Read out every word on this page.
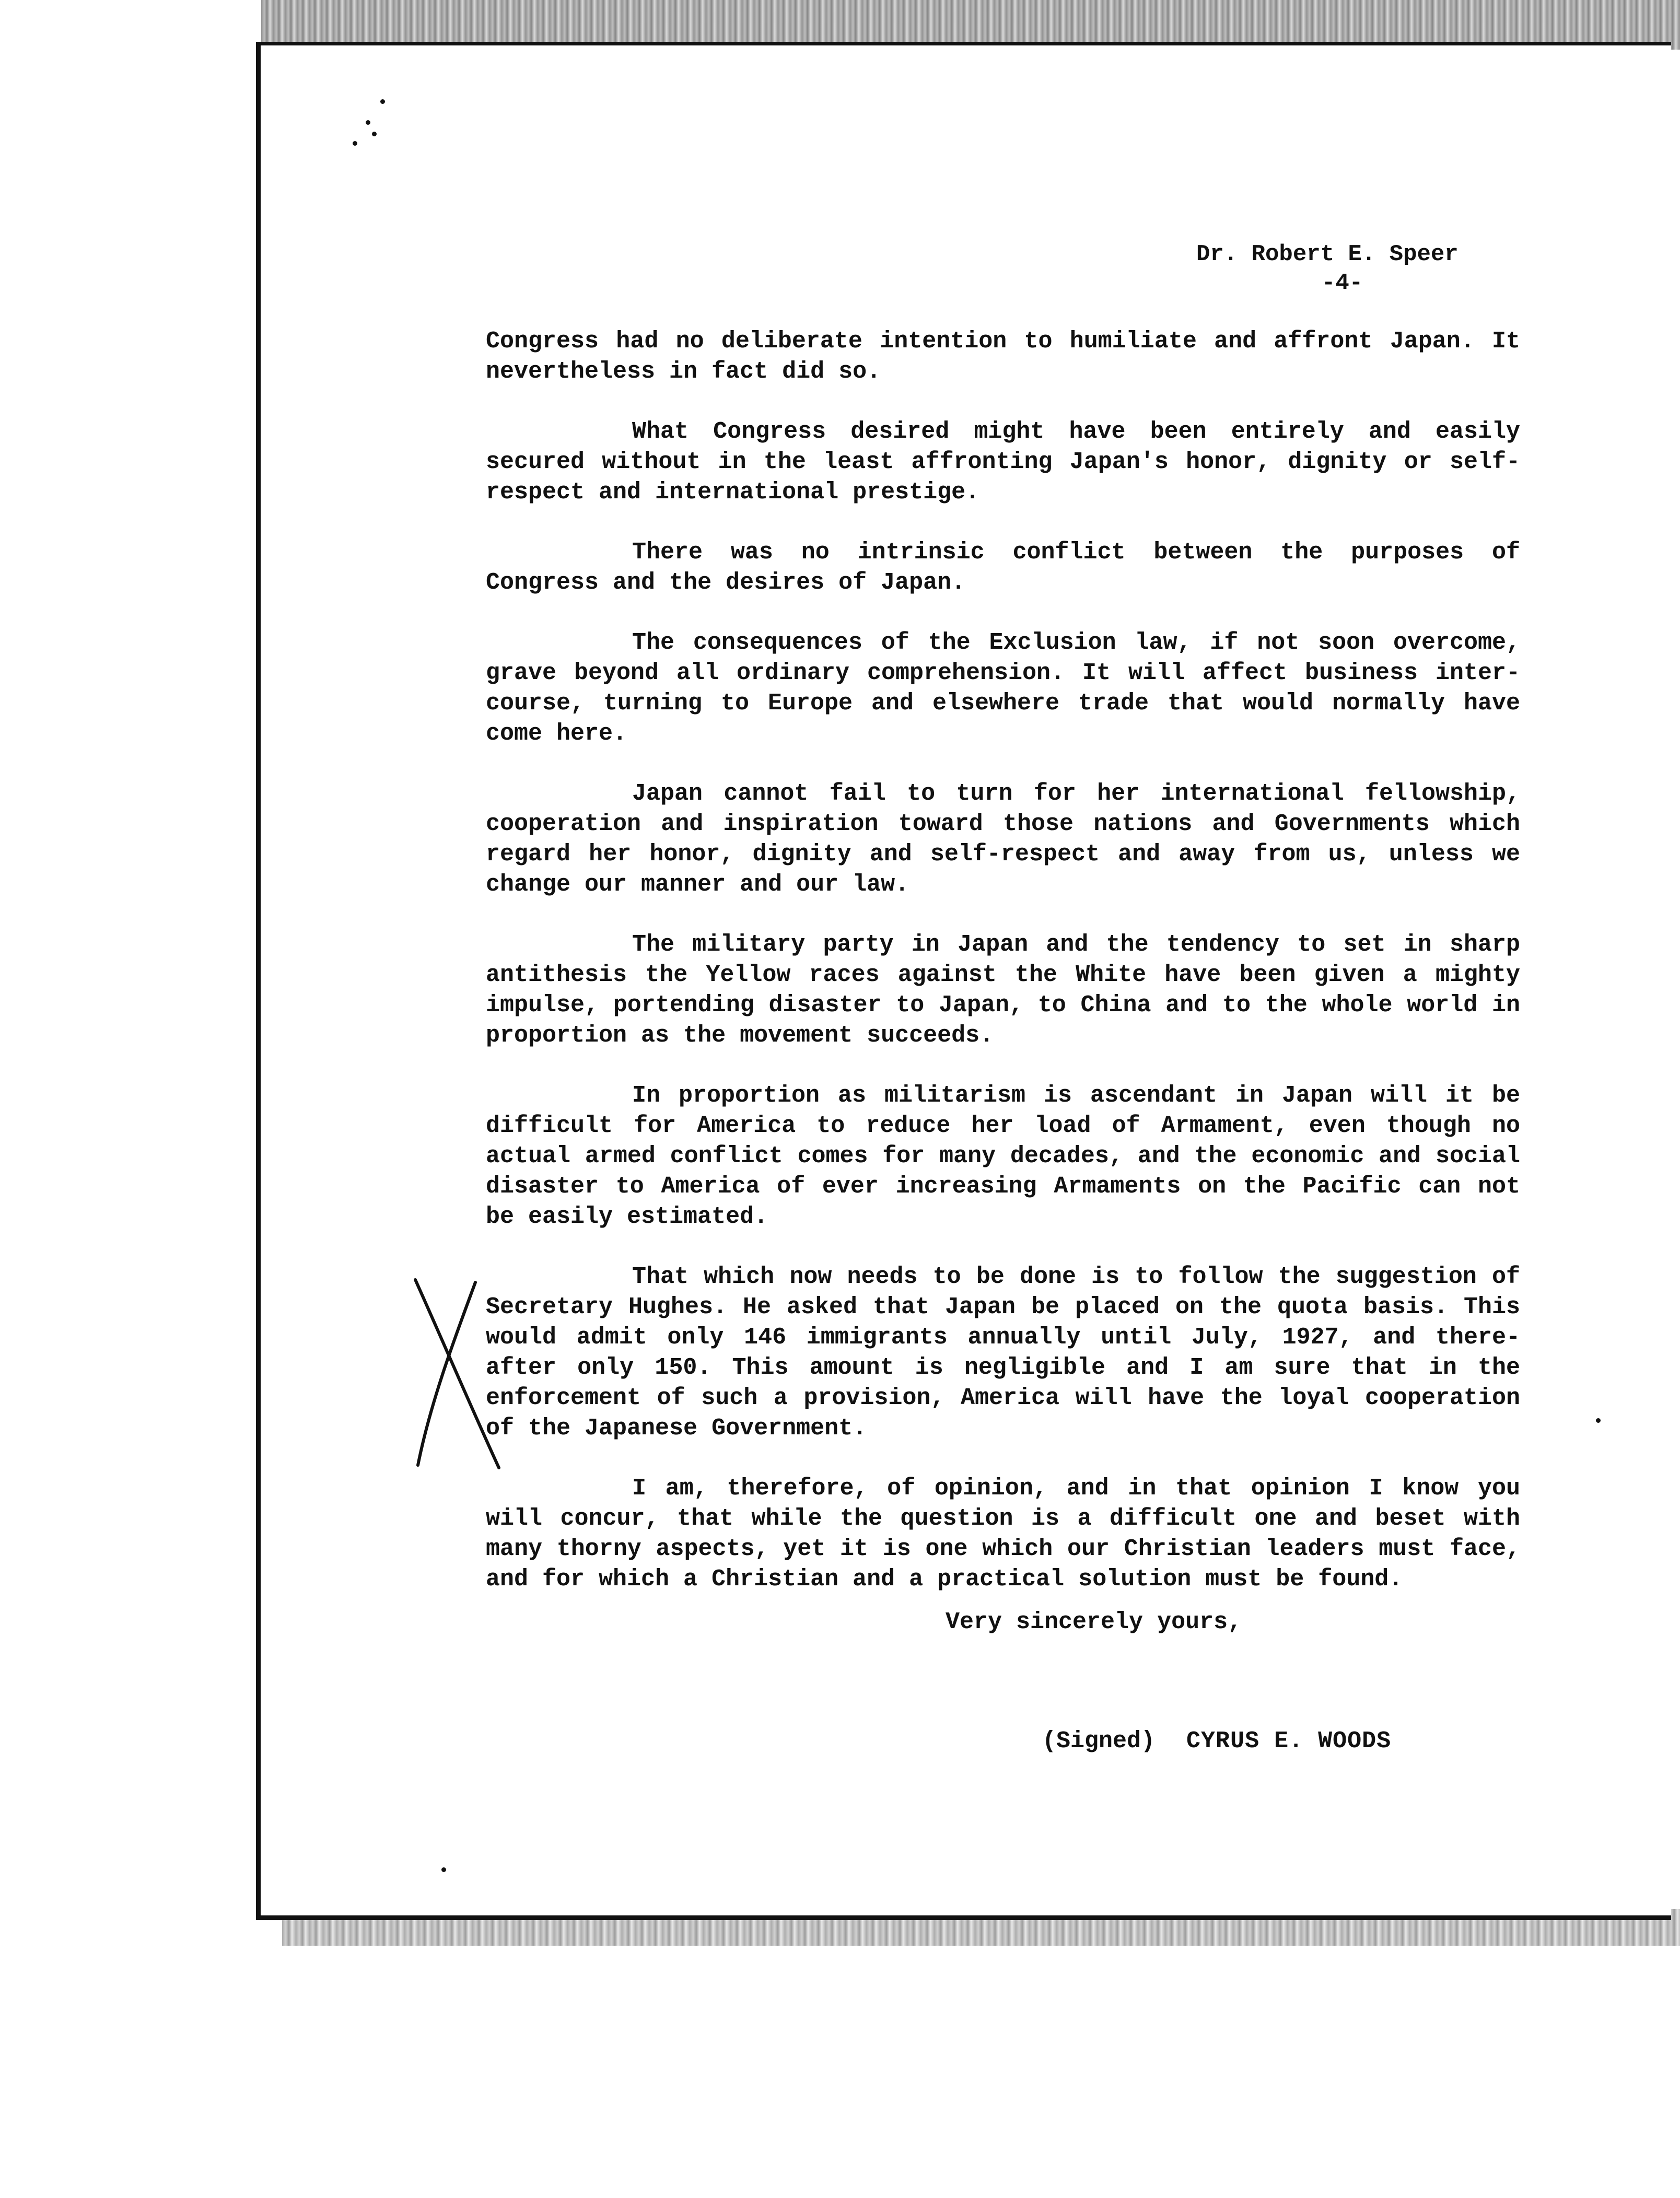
Dr. Robert E. Speer
-4-

Congress had no deliberate intention to humiliate and affront Japan. It nevertheless in fact did so.

What Congress desired might have been entirely and easily secured without in the least affronting Japan's honor, dignity or self-respect and international prestige.

There was no intrinsic conflict between the purposes of Congress and the desires of Japan.

The consequences of the Exclusion law, if not soon overcome, grave beyond all ordinary comprehension. It will affect business inter-course, turning to Europe and elsewhere trade that would normally have come here.

Japan cannot fail to turn for her international fellowship, cooperation and inspiration toward those nations and Governments which regard her honor, dignity and self-respect and away from us, unless we change our manner and our law.

The military party in Japan and the tendency to set in sharp antithesis the Yellow races against the White have been given a mighty impulse, portending disaster to Japan, to China and to the whole world in proportion as the movement succeeds.

In proportion as militarism is ascendant in Japan will it be difficult for America to reduce her load of Armament, even though no actual armed conflict comes for many decades, and the economic and social disaster to America of ever increasing Armaments on the Pacific can not be easily estimated.

That which now needs to be done is to follow the suggestion of Secretary Hughes. He asked that Japan be placed on the quota basis. This would admit only 146 immigrants annually until July, 1927, and there-after only 150. This amount is negligible and I am sure that in the enforcement of such a provision, America will have the loyal cooperation of the Japanese Government.

I am, therefore, of opinion, and in that opinion I know you will concur, that while the question is a difficult one and beset with many thorny aspects, yet it is one which our Christian leaders must face, and for which a Christian and a practical solution must be found.

Very sincerely yours,
(Signed) CYRUS E. WOODS
